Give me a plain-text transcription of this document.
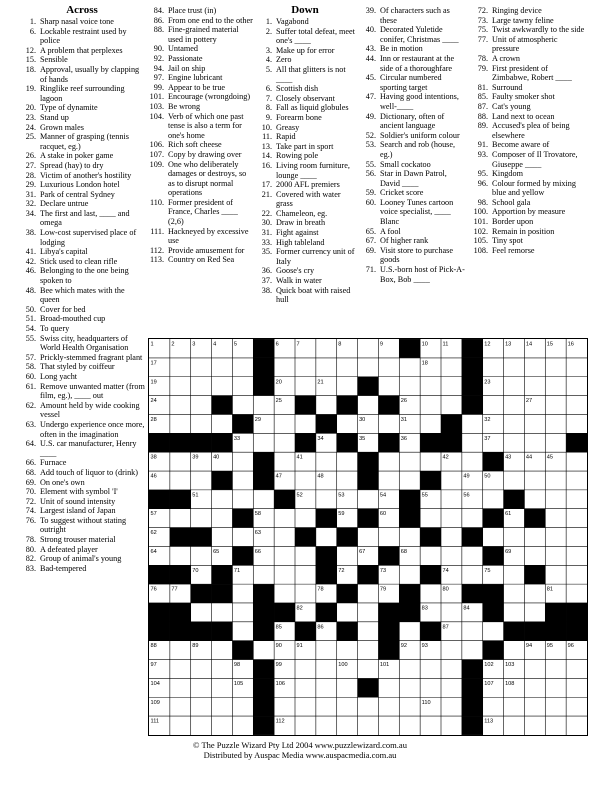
Across
1. Sharp nasal voice tone
6. Lockable restraint used by police
12. A problem that perplexes
15. Sensible
18. Approval, usually by clapping of hands
19. Ringlike reef surrounding lagoon
20. Type of dynamite
23. Stand up
24. Grown males
25. Manner of grasping (tennis racquet, eg.)
26. A stake in poker game
27. Spread (hay) to dry
28. Victim of another's hostility
29. Luxurious London hotel
31. Park of central Sydney
32. Declare untrue
34. The first and last, ____ and omega
38. Low-cost supervised place of lodging
41. Libya's capital
42. Stick used to clean rifle
46. Belonging to the one being spoken to
48. Bee which mates with the queen
50. Cover for bed
51. Broad-mouthed cup
54. To query
55. Swiss city, headquarters of World Health Organisation
57. Prickly-stemmed fragrant plant
58. That styled by coiffeur
60. Long yacht
61. Remove unwanted matter (from film, eg.), ____ out
62. Amount held by wide cooking vessel
63. Undergo experience once more, often in the imagination
64. U.S. car manufacturer, Henry ____
66. Furnace
68. Add touch of liquor to (drink)
69. On one's own
70. Element with symbol 'I'
72. Unit of sound intensity
74. Largest island of Japan
76. To suggest without stating outright
78. Strong trouser material
80. A defeated player
82. Group of animal's young
83. Bad-tempered
84. Place trust (in)
86. From one end to the other
88. Fine-grained material used in pottery
90. Untamed
92. Passionate
94. Jail on ship
97. Engine lubricant
99. Appear to be true
101. Encourage (wrongdoing)
103. Be wrong
104. Verb of which one past tense is also a term for one's home
106. Rich soft cheese
107. Copy by drawing over
109. One who deliberately damages or destroys, so as to disrupt normal operations
110. Former president of France, Charles ____ (2,6)
111. Hackneyed by excessive use
112. Provide amusement for
113. Country on Red Sea
Down
1. Vagabond
2. Suffer total defeat, meet one's ____
3. Make up for error
4. Zero
5. All that glitters is not ____
6. Scottish dish
7. Closely observant
8. Fall as liquid globules
9. Forearm bone
10. Greasy
11. Rapid
13. Take part in sport
14. Rowing pole
16. Living room furniture, lounge ____
17. 2000 AFL premiers
21. Covered with water grass
22. Chameleon, eg.
30. Draw in breath
31. Fight against
33. High tableland
35. Former currency unit of Italy
36. Goose's cry
37. Walk in water
38. Quick boat with raised hull
39. Of characters such as these
40. Decorated Yuletide conifer, Christmas ____
43. Be in motion
44. Inn or restaurant at the side of a thoroughfare
45. Circular numbered sporting target
47. Having good intentions, well-____
49. Dictionary, often of ancient language
52. Soldier's uniform colour
53. Search and rob (house, eg.)
55. Small cockatoo
56. Star in Dawn Patrol, David ____
59. Cricket score
60. Looney Tunes cartoon voice specialist, ____ Blanc
65. A fool
67. Of higher rank
69. Visit store to purchase goods
71. U.S.-born host of Pick-A-Box, Bob ____
72. Ringing device
73. Large tawny feline
75. Twist awkwardly to the side
77. Unit of atmospheric pressure
78. A crown
79. First president of Zimbabwe, Robert ____
81. Surround
85. Faulty smoker shot
87. Cat's young
88. Land next to ocean
89. Accused's plea of being elsewhere
91. Become aware of
93. Composer of Il Trovatore, Giuseppe ____
95. Kingdom
96. Colour formed by mixing blue and yellow
98. School gala
100. Apportion by measure
101. Border upon
102. Remain in position
105. Tiny spot
108. Feel remorse
1	2	3	4	5	6	7	8	9	10	11	12	13	14	15	16
17	18
19	20	21	22	23
24	25	26	27
28	29	30	31	32
33	34	35	36	37
38	39	40	41	42	43	44	45
46	47	48	49	50
51	52	53	54	55	56
57	58	59	60	61
62	63
64	65	66	67	68	69
70	71	72	73	74	75
76	77	78	79	80	81
82	83	84
85	86	87
88	89	90	91	92	93	94	95	96
97	98	99	100	101	102 103
104	105	106	107 108
109	110
111	112	113
© The Puzzle Wizard Pty Ltd 2004 www.puzzlewizard.com.au
Distributed by Auspac Media www.auspacmedia.com.au
